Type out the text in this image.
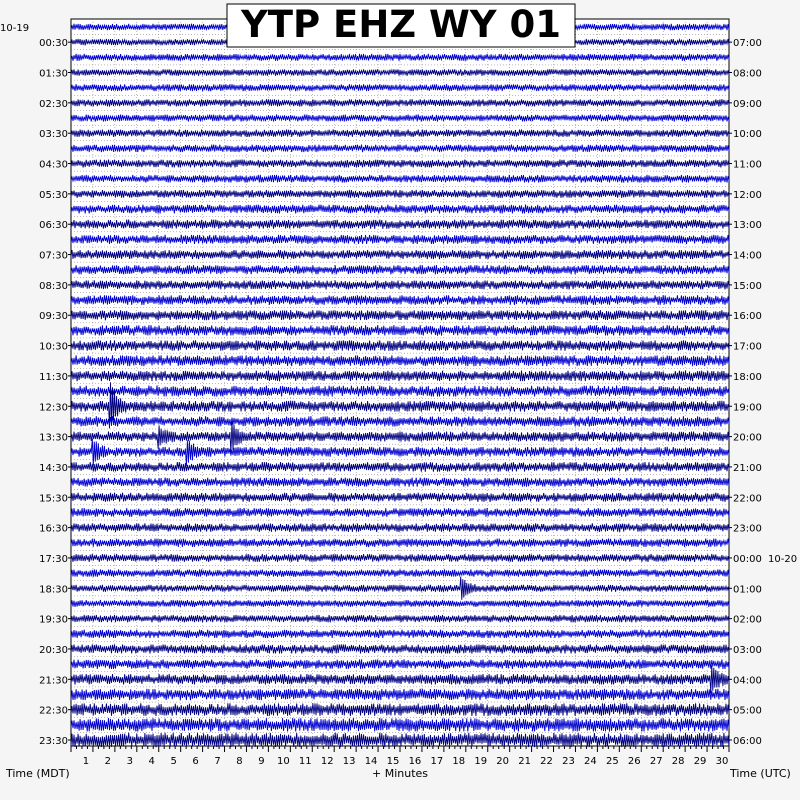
1 2 3 4 5 6 7 8 9 10 11 12 13 14 15 16 17 18 19 20 21 22 23 24 25 26 27 28 29 30
00:30
01:30
02:30
03:30
04:30
05:30
06:30
07:30
08:30
09:30
10:30
11:30
12:30
13:30
14:30
15:30
16:30
17:30
18:30
19:30
20:30
21:30
22:30
23:30
07:00
08:00
09:00
10:00
11:00
12:00
13:00
14:00
15:00
16:00
17:00
18:00
19:00
20:00
21:00
22:00
23:00
00:00 10-20
01:00
02:00
03:00
04:00
05:00
06:00
10-19	YTP EHZ WY 01
Time (MDT)	+ Minutes	Time (UTC)
